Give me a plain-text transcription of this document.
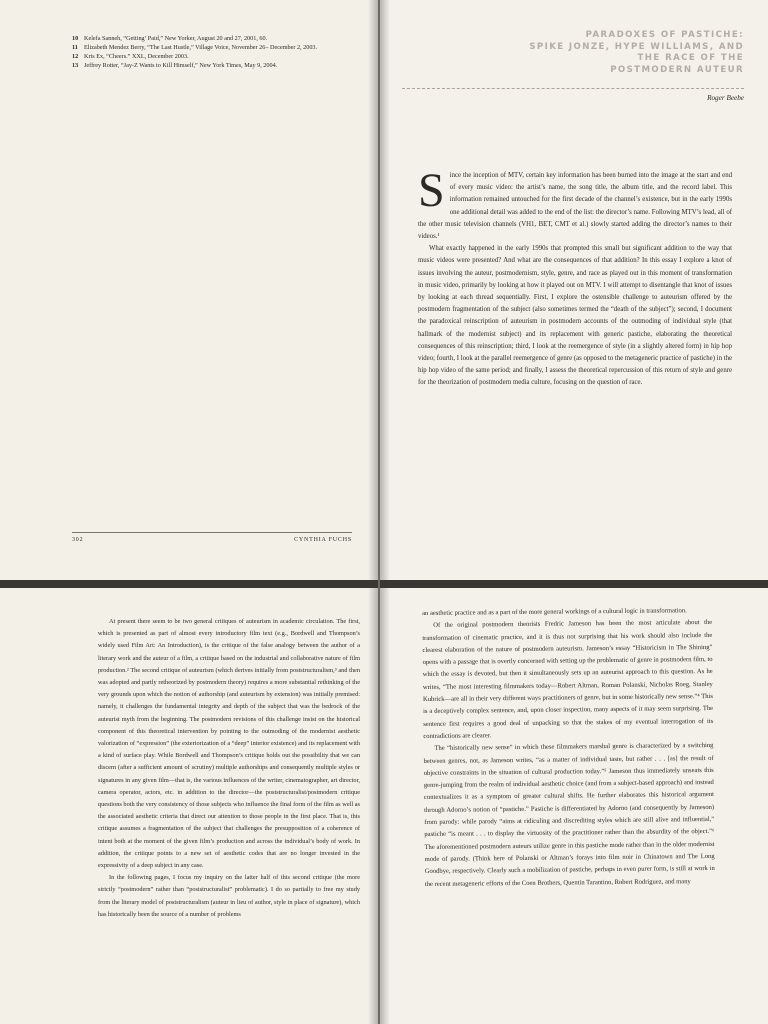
10 Kelefa Sanneh, “Getting’ Paid,” New Yorker, August 20 and 27, 2001, 60.
11 Elizabeth Mendez Berry, “The Last Hustle,” Village Voice, November 26– December 2, 2003.
12 Kris Ex, “Cheers.” XXL, December 2003.
13 Jeffrey Rotter, “Jay-Z Wants to Kill Himself,” New York Times, May 9, 2004.
302	CYNTHIA FUCHS
PARADOXES OF PASTICHE:
SPIKE JONZE, HYPE WILLIAMS, AND
THE RACE OF THE
POSTMODERN AUTEUR
Roger Beebe

Since the inception of MTV, certain key information has been burned into the image at the start and end of every music video: the artist’s name, the song title, the album title, and the record label. This information remained untouched for the first decade of the channel’s existence, but in the early 1990s one additional detail was added to the end of the list: the director’s name. Following MTV’s lead, all of the other music television channels (VH1, BET, CMT et al.) slowly started adding the director’s names to their videos.¹

What exactly happened in the early 1990s that prompted this small but significant addition to the way that music videos were presented? And what are the consequences of that addition? In this essay I explore a knot of issues involving the auteur, postmodernism, style, genre, and race as played out in this moment of transformation in music video, primarily by looking at how it played out on MTV. I will attempt to disentangle that knot of issues by looking at each thread sequentially. First, I explore the ostensible challenge to auteurism offered by the postmodern fragmentation of the subject (also sometimes termed the “death of the subject”); second, I document the paradoxical reinscription of auteurism in postmodern accounts of the outmoding of individual style (that hallmark of the modernist subject) and its replacement with generic pastiche, elaborating the theoretical consequences of this reinscription; third, I look at the reemergence of style (in a slightly altered form) in hip hop video; fourth, I look at the parallel reemergence of genre (as opposed to the metageneric practice of pastiche) in the hip hop video of the same period; and finally, I assess the theoretical repercussion of this return of style and genre for the theorization of postmodern media culture, focusing on the question of race.

At present there seem to be two general critiques of auteurism in academic circulation. The first, which is presented as part of almost every introductory film text (e.g., Bordwell and Thompson’s widely used Film Art: An Introduction), is the critique of the false analogy between the author of a literary work and the auteur of a film, a critique based on the industrial and collaborative nature of film production.² The second critique of auteurism (which derives initially from poststructuralism,³ and then was adopted and partly retheorized by postmodern theory) requires a more substantial rethinking of the very grounds upon which the notion of authorship (and auteurism by extension) was initially premised: namely, it challenges the fundamental integrity and depth of the subject that was the bedrock of the auteurist myth from the beginning. The postmodern revisions of this challenge insist on the historical component of this theoretical intervention by pointing to the outmoding of the modernist aesthetic valorization of “expression” (the exteriorization of a “deep” interior existence) and its replacement with a kind of surface play. While Bordwell and Thompson’s critique holds out the possibility that we can discern (after a sufficient amount of scrutiny) multiple authorships and consequently multiple styles or signatures in any given film—that is, the various influences of the writer, cinematographer, art director, camera operator, actors, etc. in addition to the director—the poststructuralist/postmodern critique questions both the very consistency of those subjects who influence the final form of the film as well as the associated aesthetic criteria that direct our attention to those people in the first place. That is, this critique assumes a fragmentation of the subject that challenges the presupposition of a coherence of intent both at the moment of the given film’s production and across the individual’s body of work. In addition, the critique points to a new set of aesthetic codes that are no longer invested in the expressivity of a deep subject in any case.

In the following pages, I focus my inquiry on the latter half of this second critique (the more strictly “postmodern” rather than “poststructuralist” problematic). I do so partially to free my study from the literary model of poststructuralism (auteur in lieu of author, style in place of signature), which has historically been the source of a number of problems

an aesthetic practice and as a part of the more general workings of a cultural logic in transformation.

Of the original postmodern theorists Fredric Jameson has been the most articulate about the transformation of cinematic practice, and it is thus not surprising that his work should also include the clearest elaboration of the nature of postmodern auteurism. Jameson’s essay “Historicism in The Shining” opens with a passage that is overtly concerned with setting up the problematic of genre in postmodern film, to which the essay is devoted, but then it simultaneously sets up an auteurist approach to this question. As he writes, “The most interesting filmmakers today—Robert Altman, Roman Polanski, Nicholas Roeg, Stanley Kubrick—are all in their very different ways practitioners of genre, but in some historically new sense.”⁴ This is a deceptively complex sentence, and, upon closer inspection, many aspects of it may seem surprising. The sentence first requires a good deal of unpacking so that the stakes of my eventual interrogation of its contradictions are clearer.

The “historically new sense” in which these filmmakers marshal genre is characterized by a switching between genres, not, as Jameson writes, “as a matter of individual taste, but rather . . . [as] the result of objective constraints in the situation of cultural production today.”⁵ Jameson thus immediately unseats this genre-jumping from the realm of individual aesthetic choice (and from a subject-based approach) and instead contextualizes it as a symptom of greater cultural shifts. He further elaborates this historical argument through Adorno’s notion of “pastiche.” Pastiche is differentiated by Adorno (and consequently by Jameson) from parody: while parody “aims at ridiculing and discrediting styles which are still alive and influential,” pastiche “is meant . . . to display the virtuosity of the practitioner rather than the absurdity of the object.”⁶ The aforementioned postmodern auteurs utilize genre in this pastiche mode rather than in the older modernist mode of parody. (Think here of Polanski or Altman’s forays into film noir in Chinatown and The Long Goodbye, respectively. Clearly such a mobilization of pastiche, perhaps in even purer form, is still at work in the recent metageneric efforts of the Coen Brothers, Quentin Tarantino, Robert Rodriguez, and many
